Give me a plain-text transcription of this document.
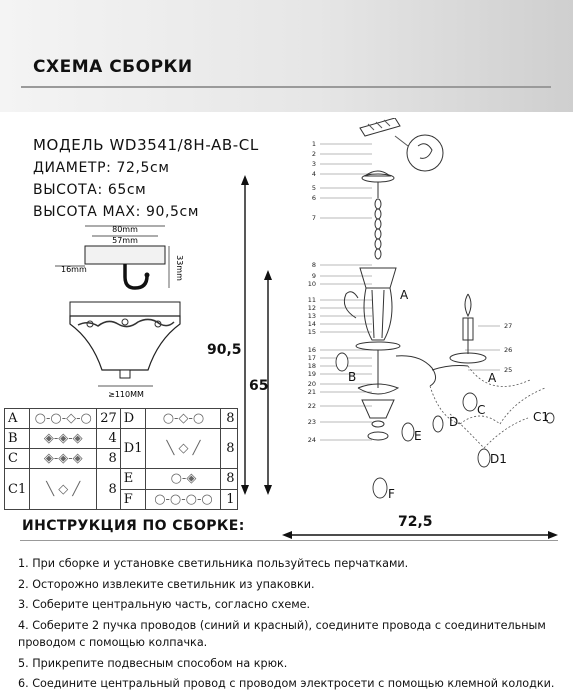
СХЕМА СБОРКИ
МОДЕЛЬ WD3541/8H-AB-CL
ДИАМЕТР: 72,5см
ВЫСОТА: 65см
ВЫСОТА MAX: 90,5см
80mm
57mm
16mm	33mm
≥110MM
90,5
65
72,5
1
2
3
4
5
6
7
8
9
10
11
12
13
14
15
16
17
18
19
20
21
22
23
24
25
26
27
A
B
C	C1
D
D1
E
F
A
A	○‑○‑◇‑○	27	D	○‑◇‑○	8
B	◈‑◈‑◈	4	D1	╲ ◇ ╱	8
C	◈‑◈‑◈	8			
C1	╲ ◇ ╱	8	E	○‑◈	8
			F	○‑○‑○‑○	1
ИНСТРУКЦИЯ ПО СБОРКЕ:
1. При сборке и установке светильника пользуйтесь перчатками.
2. Осторожно извлеките светильник из упаковки.
3. Соберите центральную часть, согласно схеме.
4. Соберите 2 пучка проводов (синий и красный), соедините провода с соединительным проводом с помощью колпачка.
5. Прикрепите подвесным способом на крюк.
6. Соедините центральный провод с проводом электросети с помощью клемной колодки.
